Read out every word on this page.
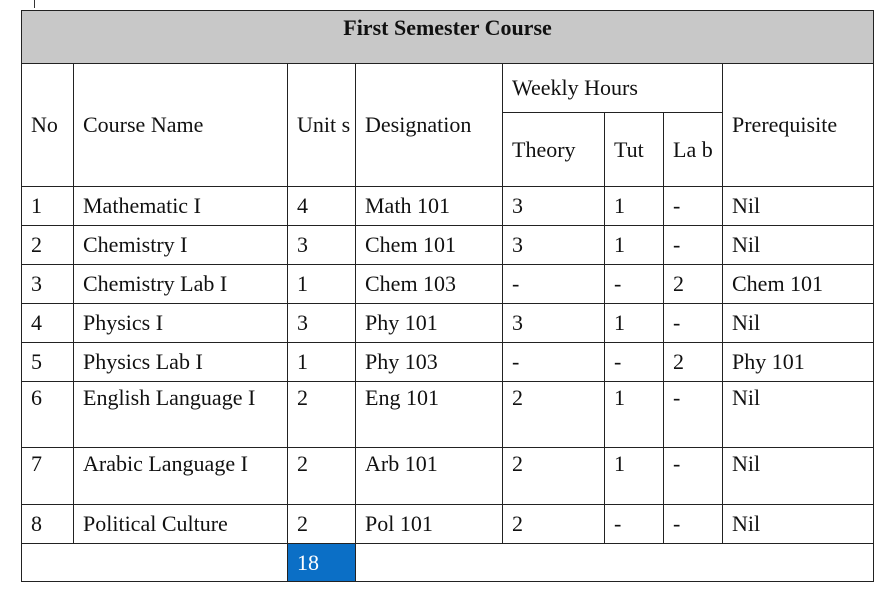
First Semester Course							
No	Course Name	Unit s	Designation	Weekly Hours			Prerequisite
				Theory	Tut	La b	
1	Mathematic I	4	Math 101	3	1	-	Nil
2	Chemistry I	3	Chem 101	3	1	-	Nil
3	Chemistry Lab I	1	Chem 103	-	-	2	Chem 101
4	Physics I	3	Phy 101	3	1	-	Nil
5	Physics Lab I	1	Phy 103	-	-	2	Phy 101
6	English Language I	2	Eng 101	2	1	-	Nil
7	Arabic Language I	2	Arb 101	2	1	-	Nil
8	Political Culture	2	Pol 101	2	-	-	Nil
		18					
